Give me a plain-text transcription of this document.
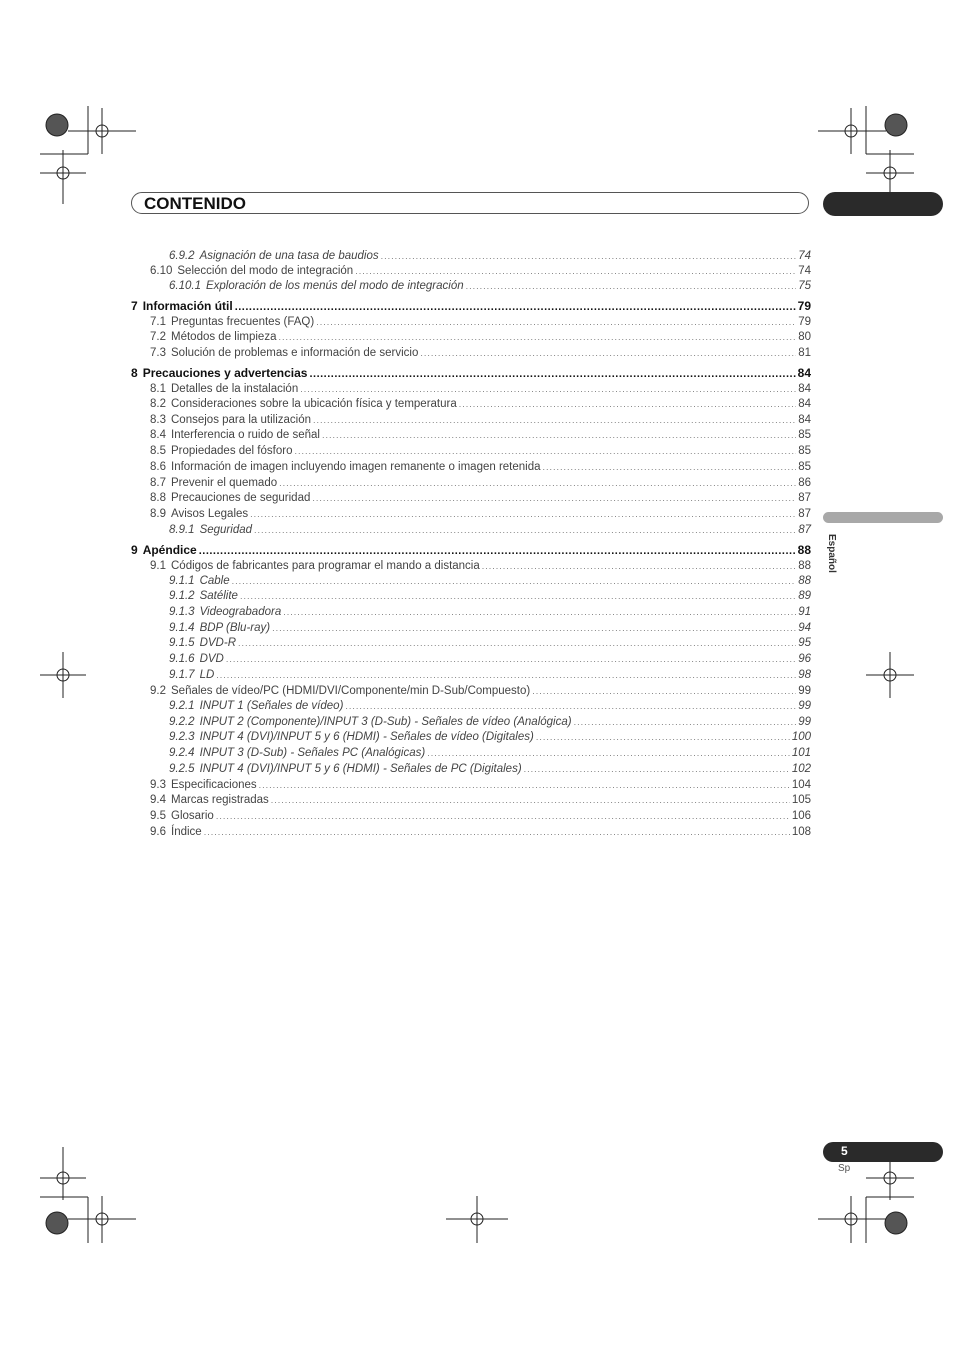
CONTENIDO
Español
5
Sp
6.9.2 Asignación de una tasa de baudios .....	74
6.10 Selección del modo de integración .....	74
6.10.1 Exploración de los menús del modo de integración .....	75
7 Información útil .....	79
7.1 Preguntas frecuentes (FAQ) .....	79
7.2 Métodos de limpieza .....	80
7.3 Solución de problemas e información de servicio .....	81
8 Precauciones y advertencias .....	84
8.1 Detalles de la instalación .....	84
8.2 Consideraciones sobre la ubicación física y temperatura .....	84
8.3 Consejos para la utilización .....	84
8.4 Interferencia o ruido de señal .....	85
8.5 Propiedades del fósforo .....	85
8.6 Información de imagen incluyendo imagen remanente o imagen retenida .....	85
8.7 Prevenir el quemado .....	86
8.8 Precauciones de seguridad .....	87
8.9 Avisos Legales .....	87
8.9.1 Seguridad .....	87
9 Apéndice .....	88
9.1 Códigos de fabricantes para programar el mando a distancia .....	88
9.1.1 Cable .....	88
9.1.2 Satélite .....	89
9.1.3 Videograbadora .....	91
9.1.4 BDP (Blu-ray) .....	94
9.1.5 DVD-R .....	95
9.1.6 DVD .....	96
9.1.7 LD .....	98
9.2 Señales de vídeo/PC (HDMI/DVI/Componente/min D-Sub/Compuesto) .....	99
9.2.1 INPUT 1 (Señales de vídeo) .....	99
9.2.2 INPUT 2 (Componente)/INPUT 3 (D-Sub) - Señales de vídeo (Analógica) .....	99
9.2.3 INPUT 4 (DVI)/INPUT 5 y 6 (HDMI) - Señales de vídeo (Digitales) .....	100
9.2.4 INPUT 3 (D-Sub) - Señales PC (Analógicas) .....	101
9.2.5 INPUT 4 (DVI)/INPUT 5 y 6 (HDMI) - Señales de PC (Digitales) .....	102
9.3 Especificaciones .....	104
9.4 Marcas registradas .....	105
9.5 Glosario .....	106
9.6 Índice .....	108
